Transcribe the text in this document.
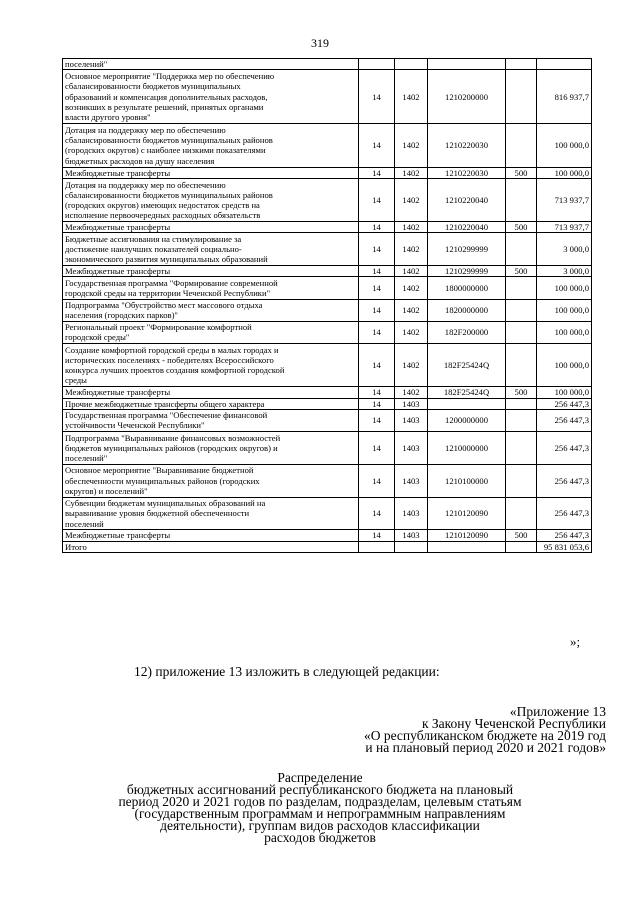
319
поселений"					

Основное мероприятие "Поддержка мер по обеспечению
сбалансированности бюджетов муниципальных
образований и компенсация дополнительных расходов,
возникших в результате решений, принятых органами
власти другого уровня"	14	1402	1210200000		816 937,7

Дотация на поддержку мер по обеспечению
сбалансированности бюджетов муниципальных районов
(городских округов) с наиболее низкими показателями
бюджетных расходов на душу населения	14	1402	1210220030		100 000,0

Межбюджетные трансферты	14	1402	1210220030	500	100 000,0

Дотация на поддержку мер по обеспечению
сбалансированности бюджетов муниципальных районов
(городских округов) имеющих недостаток средств на
исполнение первоочередных расходных обязательств	14	1402	1210220040		713 937,7

Межбюджетные трансферты	14	1402	1210220040	500	713 937,7

Бюджетные ассигнования на стимулирование за
достижение наилучших показателей социально-
экономического развития муниципальных образований	14	1402	1210299999		3 000,0

Межбюджетные трансферты	14	1402	1210299999	500	3 000,0

Государственная программа "Формирование современной
городской среды на территории Чеченской Республики"	14	1402	1800000000		100 000,0

Подпрограмма "Обустройство мест массового отдыха
населения (городских парков)"	14	1402	1820000000		100 000,0

Региональный проект "Формирование комфортной
городской среды"	14	1402	182F200000		100 000,0

Создание комфортной городской среды в малых городах и
исторических поселениях - победителях Всероссийского
конкурса лучших проектов создания комфортной городской
среды	14	1402	182F25424Q		100 000,0

Межбюджетные трансферты	14	1402	182F25424Q	500	100 000,0

Прочие межбюджетные трансферты общего характера	14	1403			256 447,3

Государственная программа "Обеспечение финансовой
устойчивости Чеченской Республики"	14	1403	1200000000		256 447,3

Подпрограмма "Выравнивание финансовых возможностей
бюджетов муниципальных районов (городских округов) и
поселений"	14	1403	1210000000		256 447,3

Основное мероприятие "Выравнивание бюджетной
обеспеченности муниципальных районов (городских
округов) и поселений"	14	1403	1210100000		256 447,3

Субвенции бюджетам муниципальных образований на
выравнивание уровня бюджетной обеспеченности
поселений	14	1403	1210120090		256 447,3

Межбюджетные трансферты	14	1403	1210120090	500	256 447,3

Итого					95 831 053,6
»;
12) приложение 13 изложить в следующей редакции:
«Приложение 13
к Закону Чеченской Республики
«О республиканском бюджете на 2019 год
и на плановый период 2020 и 2021 годов»
Распределение
бюджетных ассигнований республиканского бюджета на плановый
период 2020 и 2021 годов по разделам, подразделам, целевым статьям
(государственным программам и непрограммным направлениям
деятельности), группам видов расходов классификации
расходов бюджетов
